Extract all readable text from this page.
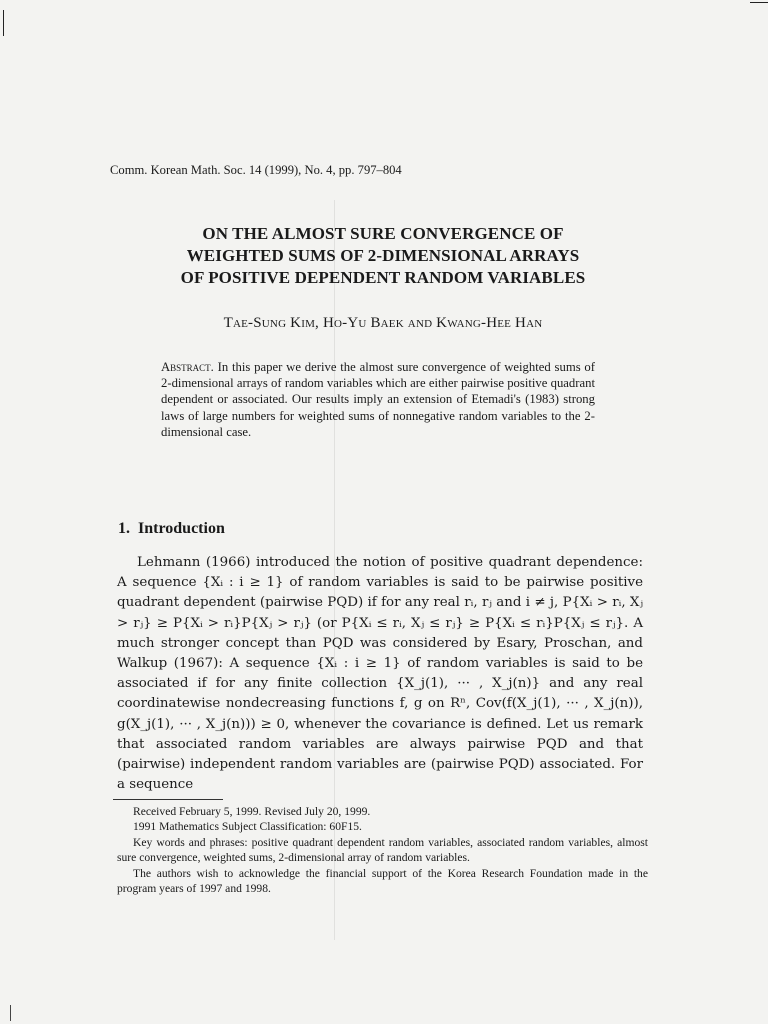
Comm. Korean Math. Soc. 14 (1999), No. 4, pp. 797–804
ON THE ALMOST SURE CONVERGENCE OF
WEIGHTED SUMS OF 2-DIMENSIONAL ARRAYS
OF POSITIVE DEPENDENT RANDOM VARIABLES
Tae-Sung Kim, Ho-Yu Baek and Kwang-Hee Han
Abstract. In this paper we derive the almost sure convergence of weighted sums of 2-dimensional arrays of random variables which are either pairwise positive quadrant dependent or associated. Our results imply an extension of Etemadi's (1983) strong laws of large numbers for weighted sums of nonnegative random variables to the 2-dimensional case.
1. Introduction

Lehmann (1966) introduced the notion of positive quadrant dependence: A sequence {Xᵢ : i ≥ 1} of random variables is said to be pairwise positive quadrant dependent (pairwise PQD) if for any real rᵢ, rⱼ and i ≠ j, P{Xᵢ > rᵢ, Xⱼ > rⱼ} ≥ P{Xᵢ > rᵢ}P{Xⱼ > rⱼ} (or P{Xᵢ ≤ rᵢ, Xⱼ ≤ rⱼ} ≥ P{Xᵢ ≤ rᵢ}P{Xⱼ ≤ rⱼ}. A much stronger concept than PQD was considered by Esary, Proschan, and Walkup (1967): A sequence {Xᵢ : i ≥ 1} of random variables is said to be associated if for any finite collection {X_j(1), ··· , X_j(n)} and any real coordinatewise nondecreasing functions f, g on Rⁿ, Cov(f(X_j(1), ··· , X_j(n)), g(X_j(1), ··· , X_j(n))) ≥ 0, whenever the covariance is defined. Let us remark that associated random variables are always pairwise PQD and that (pairwise) independent random variables are (pairwise PQD) associated. For a sequence

Received February 5, 1999. Revised July 20, 1999.

1991 Mathematics Subject Classification: 60F15.

Key words and phrases: positive quadrant dependent random variables, associated random variables, almost sure convergence, weighted sums, 2-dimensional array of random variables.

The authors wish to acknowledge the financial support of the Korea Research Foundation made in the program years of 1997 and 1998.
